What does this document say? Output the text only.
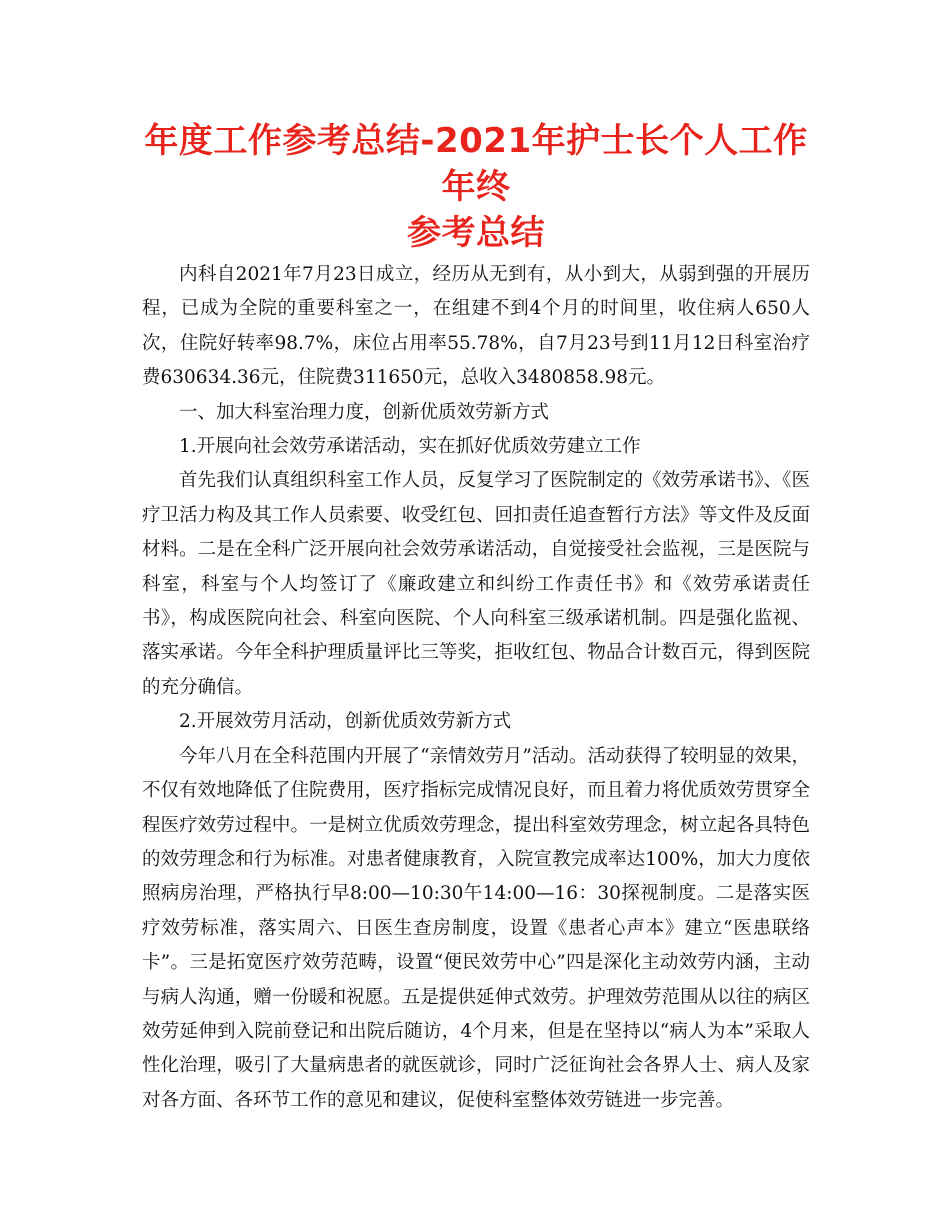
年度工作参考总结-2021年护士长个人工作年终
参考总结

内科自2021年7月23日成立，经历从无到有，从小到大，从弱到强的开展历程，已成为全院的重要科室之一，在组建不到4个月的时间里，收住病人650人次，住院好转率98.7%，床位占用率55.78%，自7月23号到11月12日科室治疗费630634.36元，住院费311650元，总收入3480858.98元。

一、加大科室治理力度，创新优质效劳新方式

1.开展向社会效劳承诺活动，实在抓好优质效劳建立工作

首先我们认真组织科室工作人员，反复学习了医院制定的《效劳承诺书》、《医疗卫活力构及其工作人员索要、收受红包、回扣责任追查暂行方法》等文件及反面材料。二是在全科广泛开展向社会效劳承诺活动，自觉接受社会监视，三是医院与科室，科室与个人均签订了《廉政建立和纠纷工作责任书》和《效劳承诺责任书》，构成医院向社会、科室向医院、个人向科室三级承诺机制。四是强化监视、落实承诺。今年全科护理质量评比三等奖，拒收红包、物品合计数百元，得到医院的充分确信。

2.开展效劳月活动，创新优质效劳新方式

今年八月在全科范围内开展了“亲情效劳月”活动。活动获得了较明显的效果，不仅有效地降低了住院费用，医疗指标完成情况良好，而且着力将优质效劳贯穿全程医疗效劳过程中。一是树立优质效劳理念，提出科室效劳理念，树立起各具特色的效劳理念和行为标准。对患者健康教育，入院宣教完成率达100%，加大力度依照病房治理，严格执行早8:00—10:30午14:00—16：30探视制度。二是落实医疗效劳标准，落实周六、日医生查房制度，设置《患者心声本》建立“医患联络卡”。三是拓宽医疗效劳范畴，设置“便民效劳中心”四是深化主动效劳内涵，主动与病人沟通，赠一份暖和祝愿。五是提供延伸式效劳。护理效劳范围从以往的病区效劳延伸到入院前登记和出院后随访，4个月来，但是在坚持以“病人为本”采取人性化治理，吸引了大量病患者的就医就诊，同时广泛征询社会各界人士、病人及家对各方面、各环节工作的意见和建议，促使科室整体效劳链进一步完善。
